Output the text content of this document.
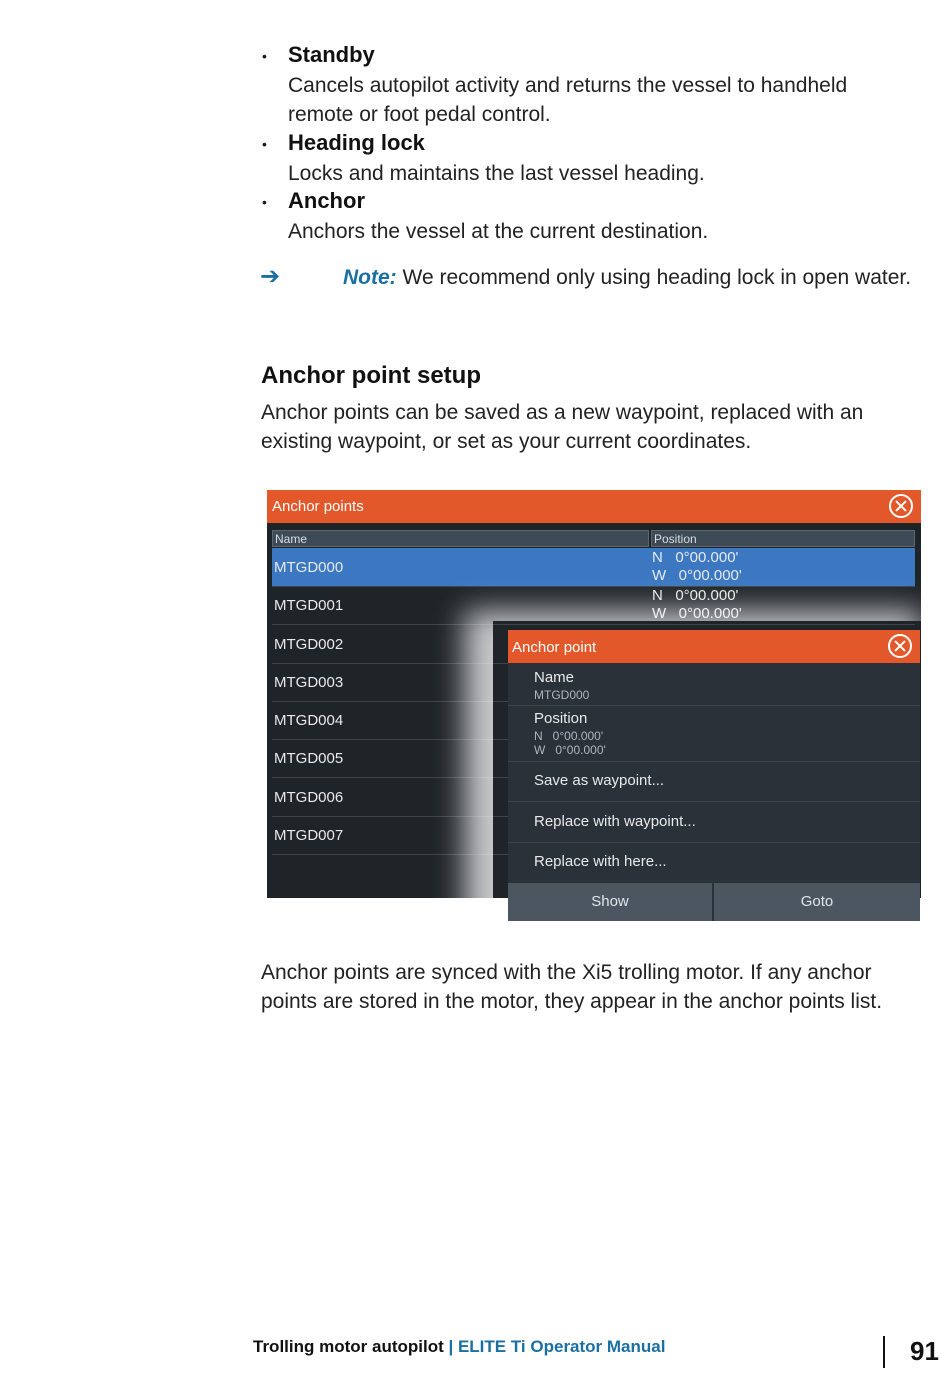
• Standby
Cancels autopilot activity and returns the vessel to handheld remote or foot pedal control.
• Heading lock
Locks and maintains the last vessel heading.
• Anchor
Anchors the vessel at the current destination.
➔	Note: We recommend only using heading lock in open water.
Anchor point setup
Anchor points can be saved as a new waypoint, replaced with an existing waypoint, or set as your current coordinates.
Anchor points
Name	Position
MTGD000
N   0°00.000'
W   0°00.000'
MTGD001
N   0°00.000'
W   0°00.000'
MTGD002
MTGD003
MTGD004
MTGD005
MTGD006
MTGD007
Anchor point
Name
MTGD000
Position
N   0°00.000'
W   0°00.000'
Save as waypoint...
Replace with waypoint...
Replace with here...
Show	Goto
Anchor points are synced with the Xi5 trolling motor. If any anchor points are stored in the motor, they appear in the anchor points list.
Trolling motor autopilot | ELITE Ti Operator Manual	91
